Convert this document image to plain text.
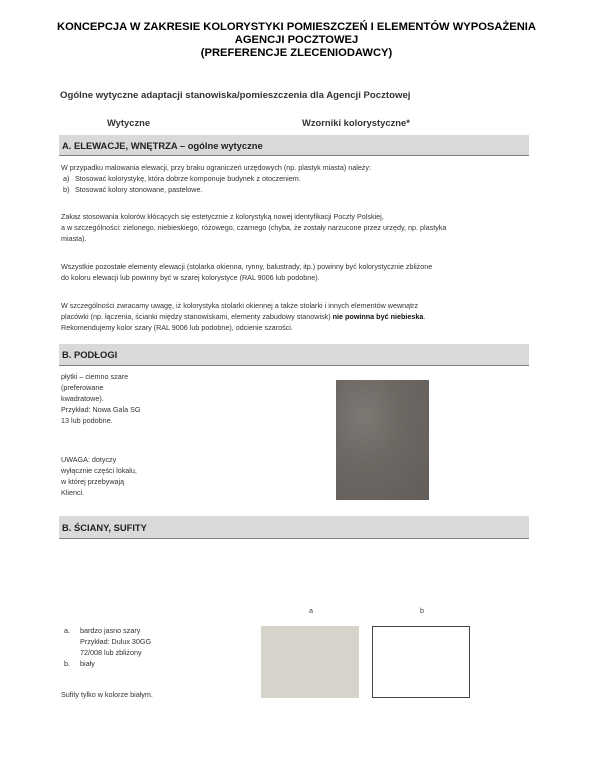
KONCEPCJA W ZAKRESIE KOLORYSTYKI POMIESZCZEŃ I ELEMENTÓW WYPOSAŻENIA
AGENCJI POCZTOWEJ
(PREFERENCJE ZLECENIODAWCY)
Ogólne wytyczne adaptacji stanowiska/pomieszczenia dla Agencji Pocztowej
Wytyczne	Wzorniki kolorystyczne*
A. ELEWACJE, WNĘTRZA – ogólne wytyczne
W przypadku malowania elewacji, przy braku ograniczeń urzędowych (np. plastyk miasta) należy:
a) Stosować kolorystykę, która dobrze komponuje budynek z otoczeniem.
b) Stosować kolory stonowane, pastelowe.
Zakaz stosowania kolorów kłócących się estetycznie z kolorystyką nowej identyfikacji Poczty Polskiej,
a w szczególności: zielonego, niebieskiego, różowego, czarnego (chyba, że zostały narzucone przez urzędy, np. plastyka
miasta).
Wszystkie pozostałe elementy elewacji (stolarka okienna, rynny, balustrady, itp.) powinny być kolorystycznie zbliżone
do koloru elewacji lub powinny być w szarej kolorystyce (RAL 9006 lub podobne).
W szczególności zwracamy uwagę, iż kolorystyka stolarki okiennej a także stolarki i innych elementów wewnątrz
placówki (np. łączenia, ścianki między stanowiskami, elementy zabudowy stanowisk) nie powinna być niebieska.
Rekomendujemy kolor szary (RAL 9006 lub podobne), odcienie szarości.
B. PODŁOGI
płytki – ciemno szare
(preferowane
kwadratowe).
Przykład: Nowa Gala SG
13 lub podobne.
UWAGA: dotyczy
wyłącznie części lokalu,
w której przebywają
Klienci.
B. ŚCIANY, SUFITY
a	b
a. bardzo jasno szary
Przykład: Dulux 30GG
72/008 lub zbliżony
b. biały
Sufity tylko w kolorze białym.
